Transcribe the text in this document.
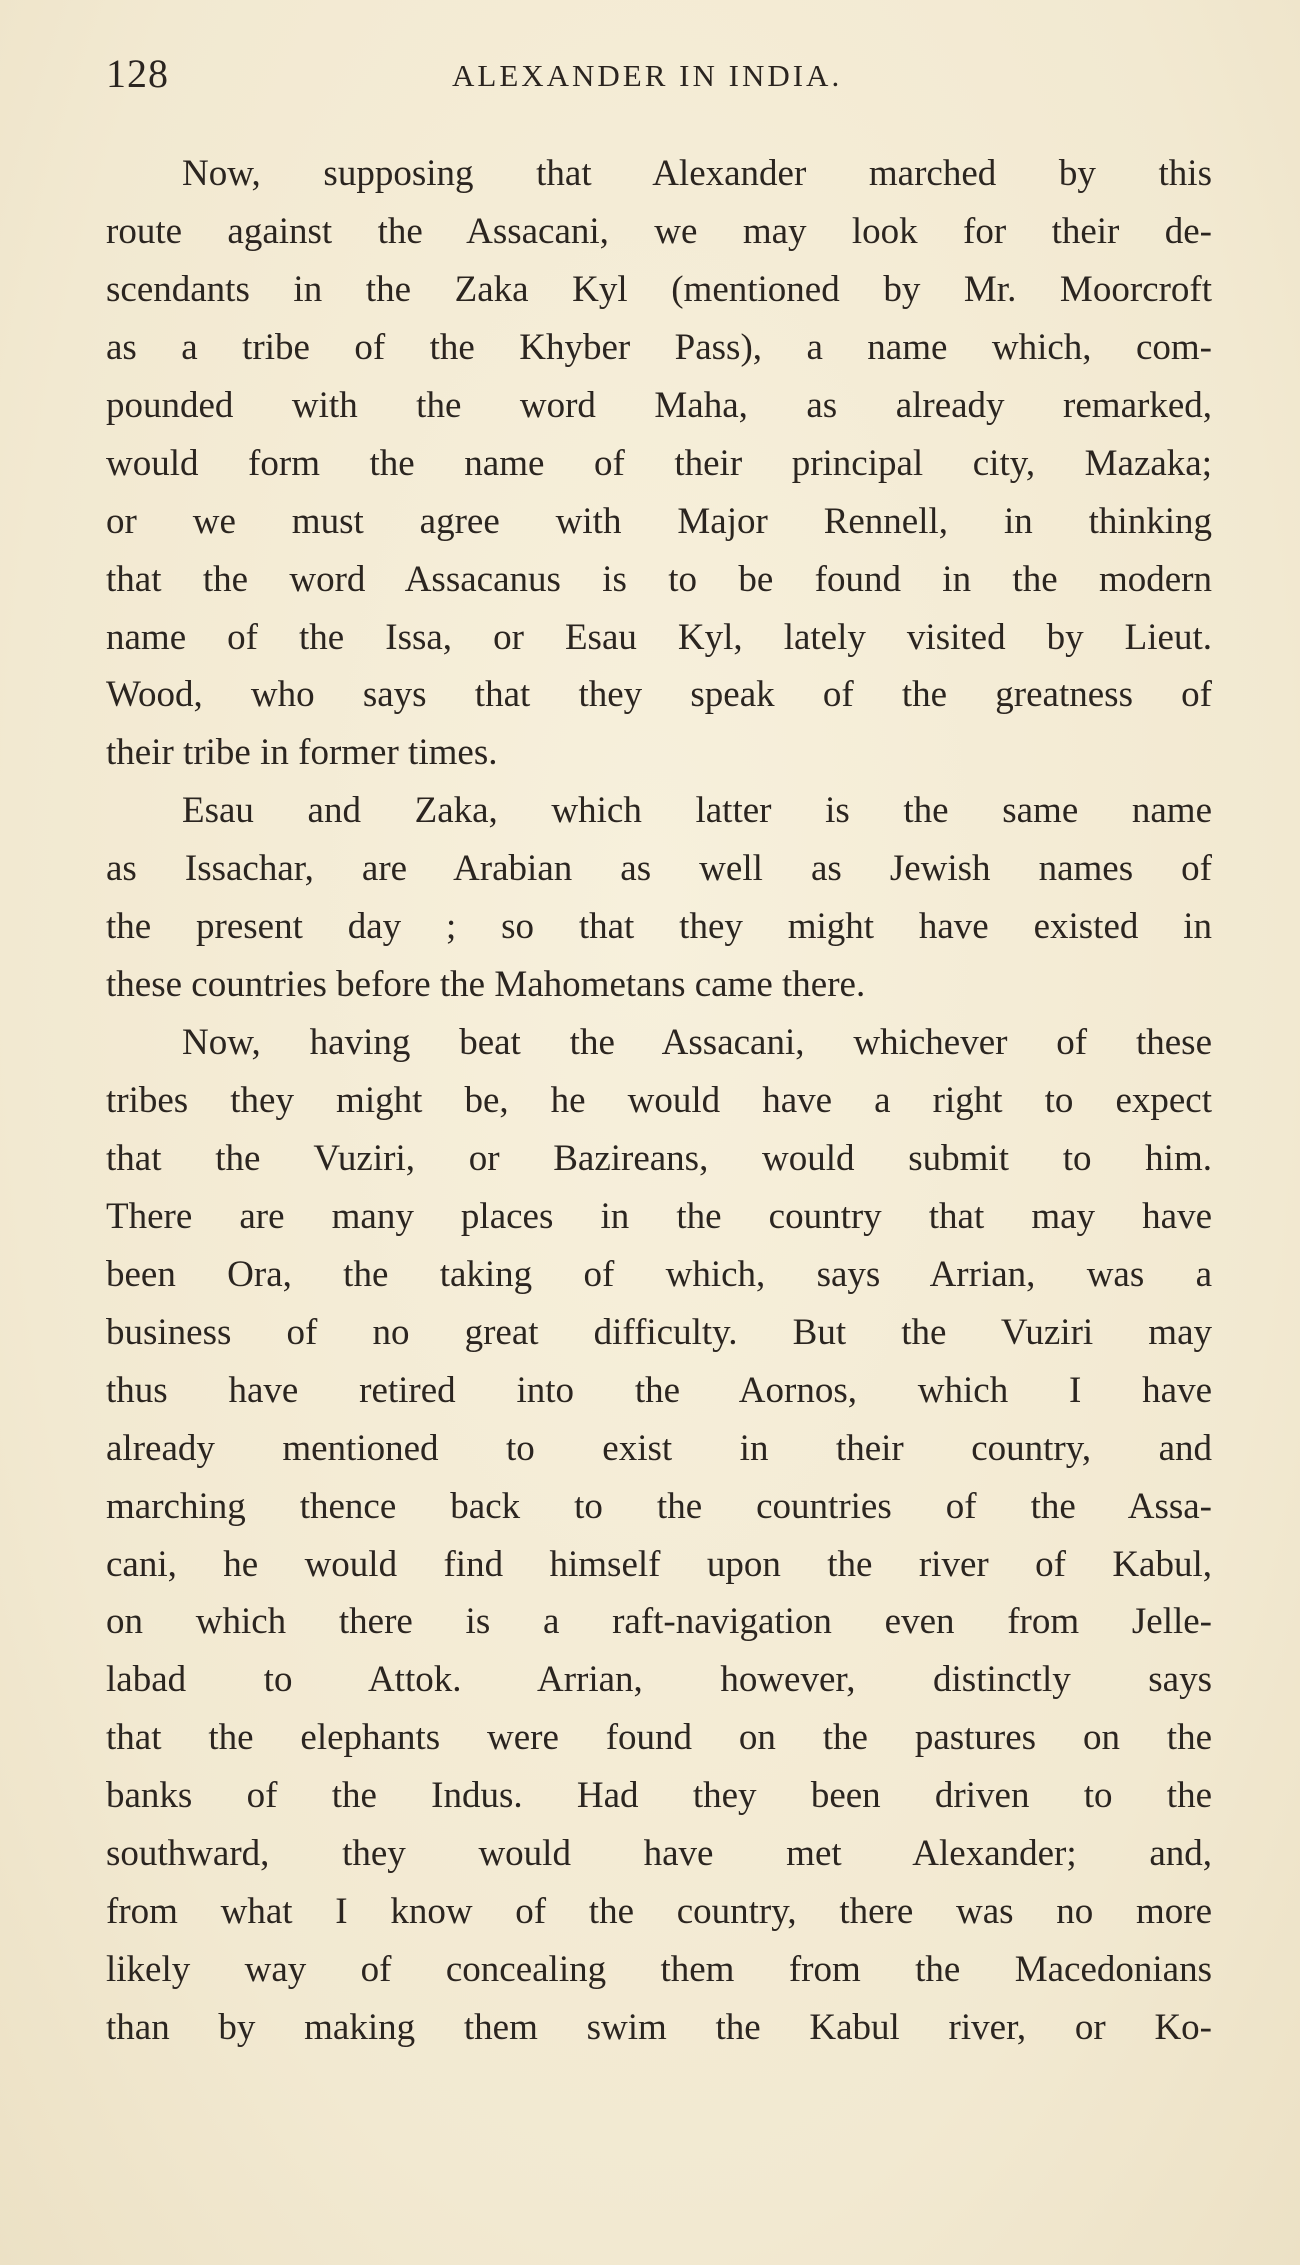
128	ALEXANDER IN INDIA.
Now, supposing that Alexander marched by this
route against the Assacani, we may look for their de-
scendants in the Zaka Kyl (mentioned by Mr. Moorcroft
as a tribe of the Khyber Pass), a name which, com-
pounded with the word Maha, as already remarked,
would form the name of their principal city, Mazaka;
or we must agree with Major Rennell, in thinking
that the word Assacanus is to be found in the modern
name of the Issa, or Esau Kyl, lately visited by Lieut.
Wood, who says that they speak of the greatness of
their tribe in former times.
Esau and Zaka, which latter is the same name
as Issachar, are Arabian as well as Jewish names of
the present day ; so that they might have existed in
these countries before the Mahometans came there.
Now, having beat the Assacani, whichever of these
tribes they might be, he would have a right to expect
that the Vuziri, or Bazireans, would submit to him.
There are many places in the country that may have
been Ora, the taking of which, says Arrian, was a
business of no great difficulty. But the Vuziri may
thus have retired into the Aornos, which I have
already mentioned to exist in their country, and
marching thence back to the countries of the Assa-
cani, he would find himself upon the river of Kabul,
on which there is a raft-navigation even from Jelle-
labad to Attok. Arrian, however, distinctly says
that the elephants were found on the pastures on the
banks of the Indus. Had they been driven to the
southward, they would have met Alexander; and,
from what I know of the country, there was no more
likely way of concealing them from the Macedonians
than by making them swim the Kabul river, or Ko-
